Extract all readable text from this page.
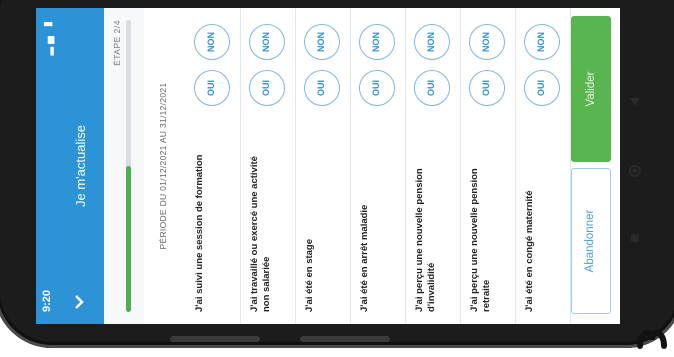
9:20
▂▄ ▮
Je m'actualise
ÉTAPE 2/4
PÉRIODE DU 01/12/2021 AU 31/12/2021	J'ai suivi une session de formation
OUI
NON
J'ai travaillé ou exercé une activité non salariée
OUI
NON
J'ai été en stage
OUI
NON
J'ai été en arrêt maladie
OUI
NON
J'ai perçu une nouvelle pension d'invalidité
OUI
NON
J'ai perçu une nouvelle pension retraite
OUI
NON
J'ai été en congé maternité
OUI
NON
Abandonner
Valider
